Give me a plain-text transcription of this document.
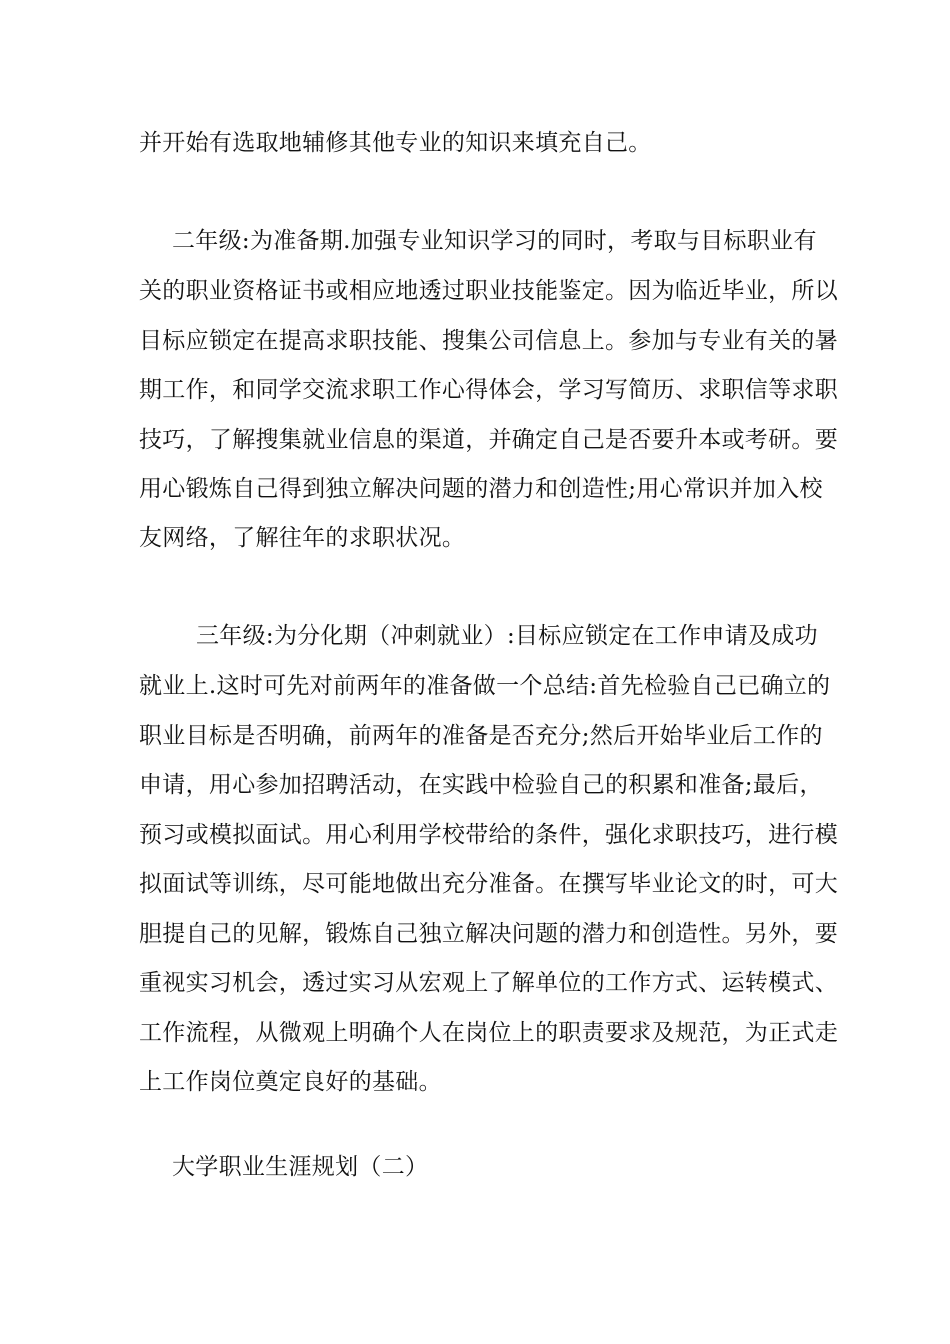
并开始有选取地辅修其他专业的知识来填充自己。
二年级:为准备期.加强专业知识学习的同时，考取与目标职业有
关的职业资格证书或相应地透过职业技能鉴定。因为临近毕业，所以
目标应锁定在提高求职技能、搜集公司信息上。参加与专业有关的暑
期工作，和同学交流求职工作心得体会，学习写简历、求职信等求职
技巧，了解搜集就业信息的渠道，并确定自己是否要升本或考研。要
用心锻炼自己得到独立解决问题的潜力和创造性;用心常识并加入校
友网络，了解往年的求职状况。
三年级:为分化期（冲刺就业）:目标应锁定在工作申请及成功
就业上.这时可先对前两年的准备做一个总结:首先检验自己已确立的
职业目标是否明确，前两年的准备是否充分;然后开始毕业后工作的
申请，用心参加招聘活动，在实践中检验自己的积累和准备;最后，
预习或模拟面试。用心利用学校带给的条件，强化求职技巧，进行模
拟面试等训练，尽可能地做出充分准备。在撰写毕业论文的时，可大
胆提自己的见解，锻炼自己独立解决问题的潜力和创造性。另外，要
重视实习机会，透过实习从宏观上了解单位的工作方式、运转模式、
工作流程，从微观上明确个人在岗位上的职责要求及规范，为正式走
上工作岗位奠定良好的基础。
大学职业生涯规划（二）
